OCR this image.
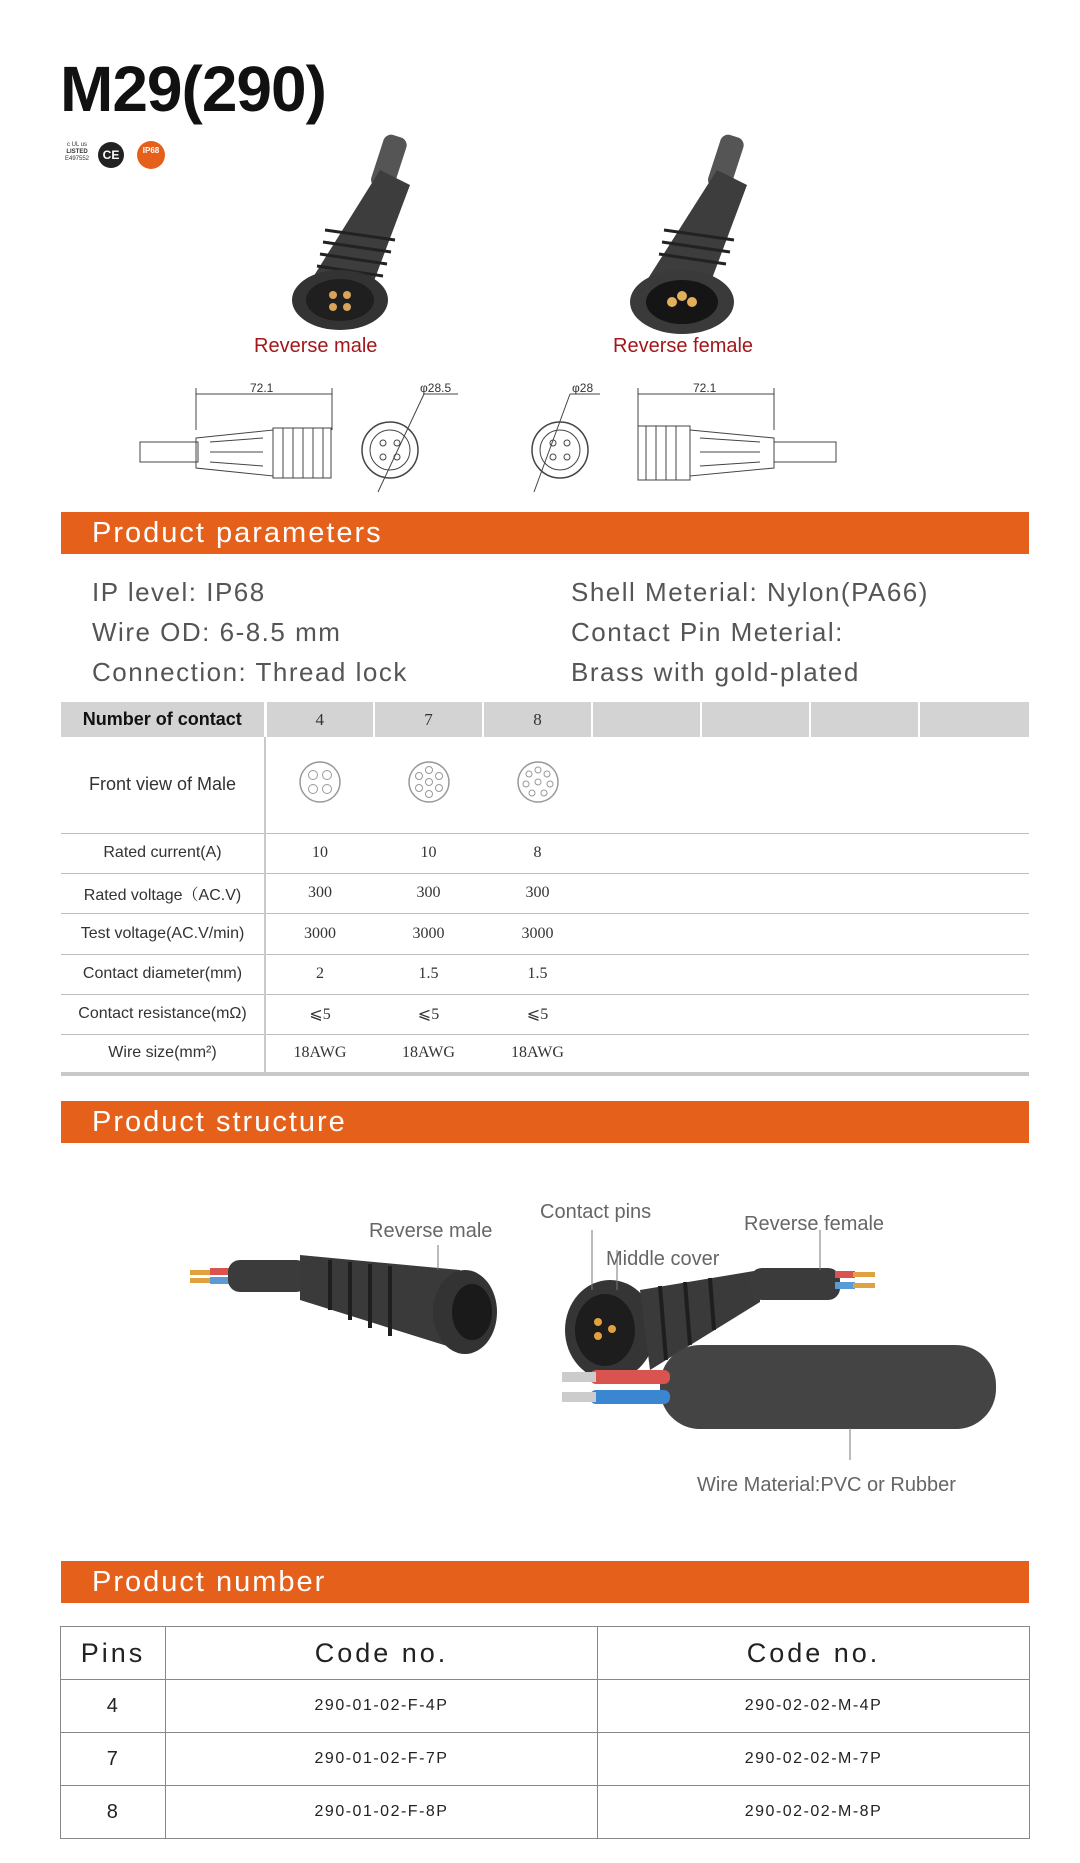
M29(290)
c UL us
LISTED
E497552	CE	IP68
Reverse male	Reverse female
72.1	φ28.5	φ28	72.1
Product parameters
IP level: IP68
Wire OD: 6-8.5 mm
Connection: Thread lock
Shell Meterial: Nylon(PA66)
Contact Pin Meterial:
Brass with gold-plated
Number of contact	4	7	8				
Front view of Male				
Rated current(A)	10	10	8				
Rated voltage（AC.V)	300	300	300				
Test voltage(AC.V/min)	3000	3000	3000				
Contact diameter(mm)	2	1.5	1.5				
Contact resistance(mΩ)	⩽5	⩽5	⩽5				
Wire size(mm²)	18AWG	18AWG	18AWG				
Product structure
Reverse male
Contact pins
Middle cover
Reverse female
Wire Material:PVC or Rubber
Product number
Pins	Code no.	Code no.
4	290-01-02-F-4P	290-02-02-M-4P
7	290-01-02-F-7P	290-02-02-M-7P
8	290-01-02-F-8P	290-02-02-M-8P
